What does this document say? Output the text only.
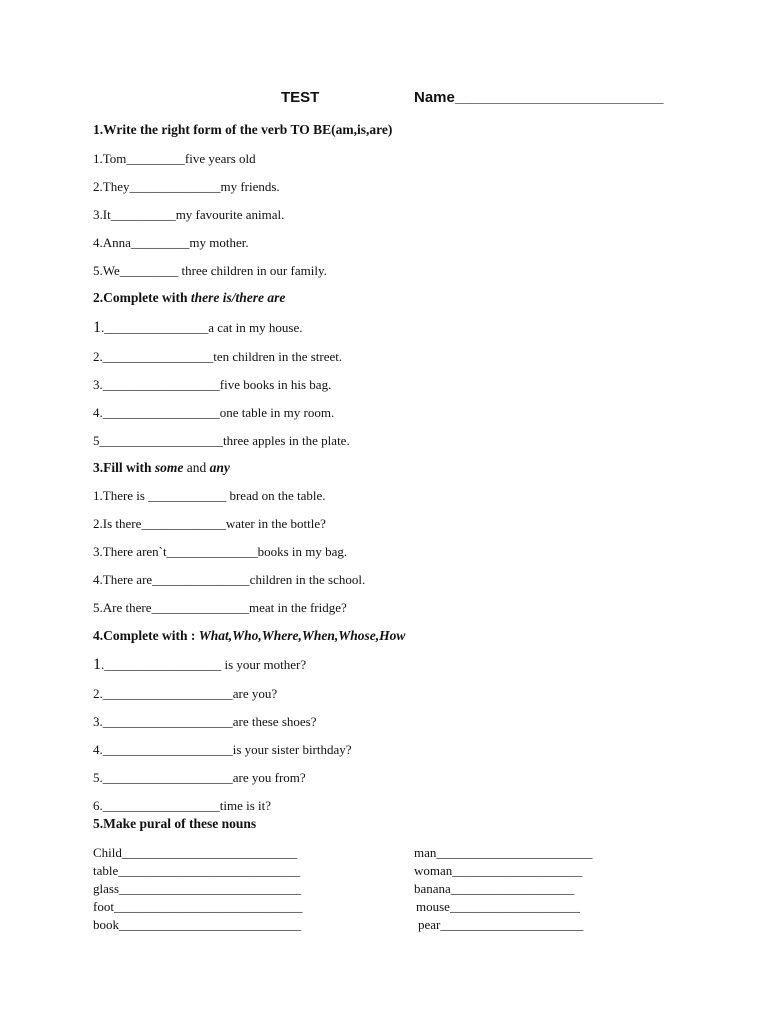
TEST	Name_________________________
1.Write the right form of the verb TO BE(am,is,are)
1.Tom_________five years old
2.They______________my friends.
3.It__________my favourite animal.
4.Anna_________my mother.
5.We_________ three children in our family.
2.Complete with there is/there are
1.________________a cat in my house.
2._________________ten children in the street.
3.__________________five books in his bag.
4.__________________one table in my room.
5___________________three apples in the plate.
3.Fill with some and any
1.There is ____________ bread on the table.
2.Is there_____________water in the bottle?
3.There aren`t______________books in my bag.
4.There are_______________children in the school.
5.Are there_______________meat in the fridge?
4.Complete with : What,Who,Where,When,Whose,How
1.__________________ is your mother?
2.____________________are you?
3.____________________are these shoes?
4.____________________is your sister birthday?
5.____________________are you from?
6.__________________time is it?
5.Make pural of these nouns
Child___________________________
table____________________________
glass____________________________
foot_____________________________
book____________________________
man________________________
woman____________________
banana___________________
mouse____________________
pear______________________
